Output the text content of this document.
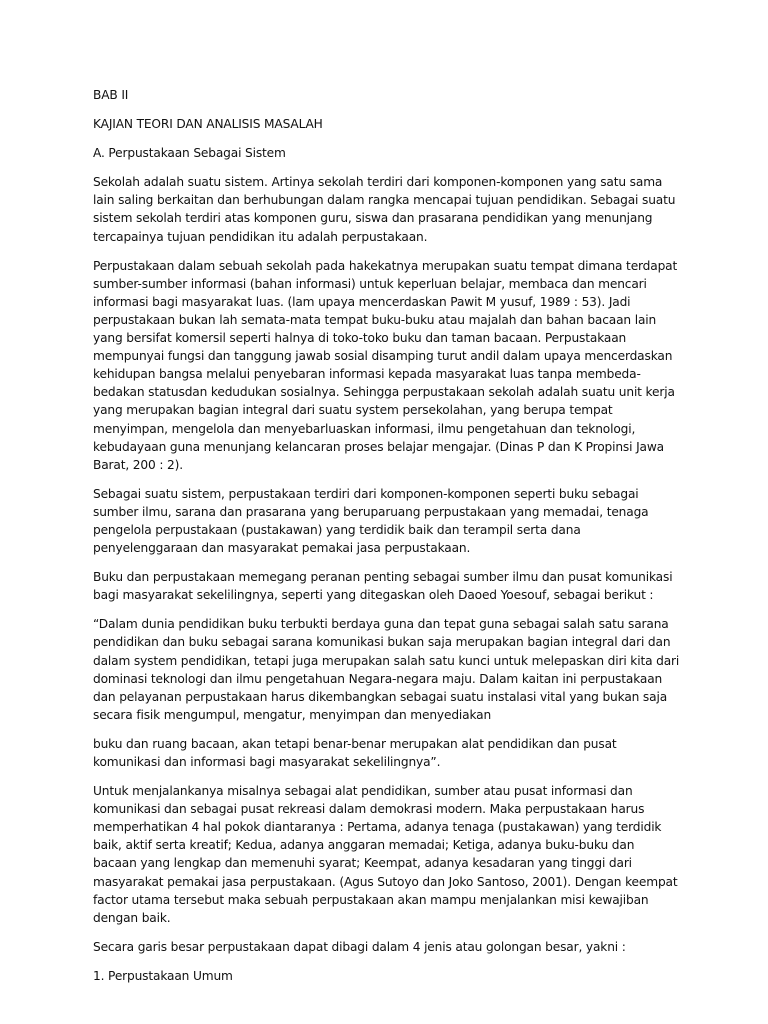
BAB II

KAJIAN TEORI DAN ANALISIS MASALAH

A. Perpustakaan Sebagai Sistem

Sekolah adalah suatu sistem. Artinya sekolah terdiri dari komponen-komponen yang satu sama lain saling berkaitan dan berhubungan dalam rangka mencapai tujuan pendidikan. Sebagai suatu sistem sekolah terdiri atas komponen guru, siswa dan prasarana pendidikan yang menunjang tercapainya tujuan pendidikan itu adalah perpustakaan.

Perpustakaan dalam sebuah sekolah pada hakekatnya merupakan suatu tempat dimana terdapat sumber-sumber informasi (bahan informasi) untuk keperluan belajar, membaca dan mencari informasi bagi masyarakat luas. (lam upaya mencerdaskan Pawit M yusuf, 1989 : 53). Jadi perpustakaan bukan lah semata-mata tempat buku-buku atau majalah dan bahan bacaan lain yang bersifat komersil seperti halnya di toko-toko buku dan taman bacaan. Perpustakaan mempunyai fungsi dan tanggung jawab sosial disamping turut andil dalam upaya mencerdaskan kehidupan bangsa melalui penyebaran informasi kepada masyarakat luas tanpa membeda-bedakan statusdan kedudukan sosialnya. Sehingga perpustakaan sekolah adalah suatu unit kerja yang merupakan bagian integral dari suatu system persekolahan, yang berupa tempat menyimpan, mengelola dan menyebarluaskan informasi, ilmu pengetahuan dan teknologi, kebudayaan guna menunjang kelancaran proses belajar mengajar. (Dinas P dan K Propinsi Jawa Barat, 200 : 2).

Sebagai suatu sistem, perpustakaan terdiri dari komponen-komponen seperti buku sebagai sumber ilmu, sarana dan prasarana yang beruparuang perpustakaan yang memadai, tenaga pengelola perpustakaan (pustakawan) yang terdidik baik dan terampil serta dana penyelenggaraan dan masyarakat pemakai jasa perpustakaan.

Buku dan perpustakaan memegang peranan penting sebagai sumber ilmu dan pusat komunikasi bagi masyarakat sekelilingnya, seperti yang ditegaskan oleh Daoed Yoesouf, sebagai berikut :

“Dalam dunia pendidikan buku terbukti berdaya guna dan tepat guna sebagai salah satu sarana pendidikan dan buku sebagai sarana komunikasi bukan saja merupakan bagian integral dari dan dalam system pendidikan, tetapi juga merupakan salah satu kunci untuk melepaskan diri kita dari dominasi teknologi dan ilmu pengetahuan Negara-negara maju. Dalam kaitan ini perpustakaan dan pelayanan perpustakaan harus dikembangkan sebagai suatu instalasi vital yang bukan saja secara fisik mengumpul, mengatur, menyimpan dan menyediakan

buku dan ruang bacaan, akan tetapi benar-benar merupakan alat pendidikan dan pusat komunikasi dan informasi bagi masyarakat sekelilingnya”.

Untuk menjalankanya misalnya sebagai alat pendidikan, sumber atau pusat informasi dan komunikasi dan sebagai pusat rekreasi dalam demokrasi modern. Maka perpustakaan harus memperhatikan 4 hal pokok diantaranya : Pertama, adanya tenaga (pustakawan) yang terdidik baik, aktif serta kreatif; Kedua, adanya anggaran memadai; Ketiga, adanya buku-buku dan bacaan yang lengkap dan memenuhi syarat; Keempat, adanya kesadaran yang tinggi dari masyarakat pemakai jasa perpustakaan. (Agus Sutoyo dan Joko Santoso, 2001). Dengan keempat factor utama tersebut maka sebuah perpustakaan akan mampu menjalankan misi kewajiban dengan baik.

Secara garis besar perpustakaan dapat dibagi dalam 4 jenis atau golongan besar, yakni :

1. Perpustakaan Umum
